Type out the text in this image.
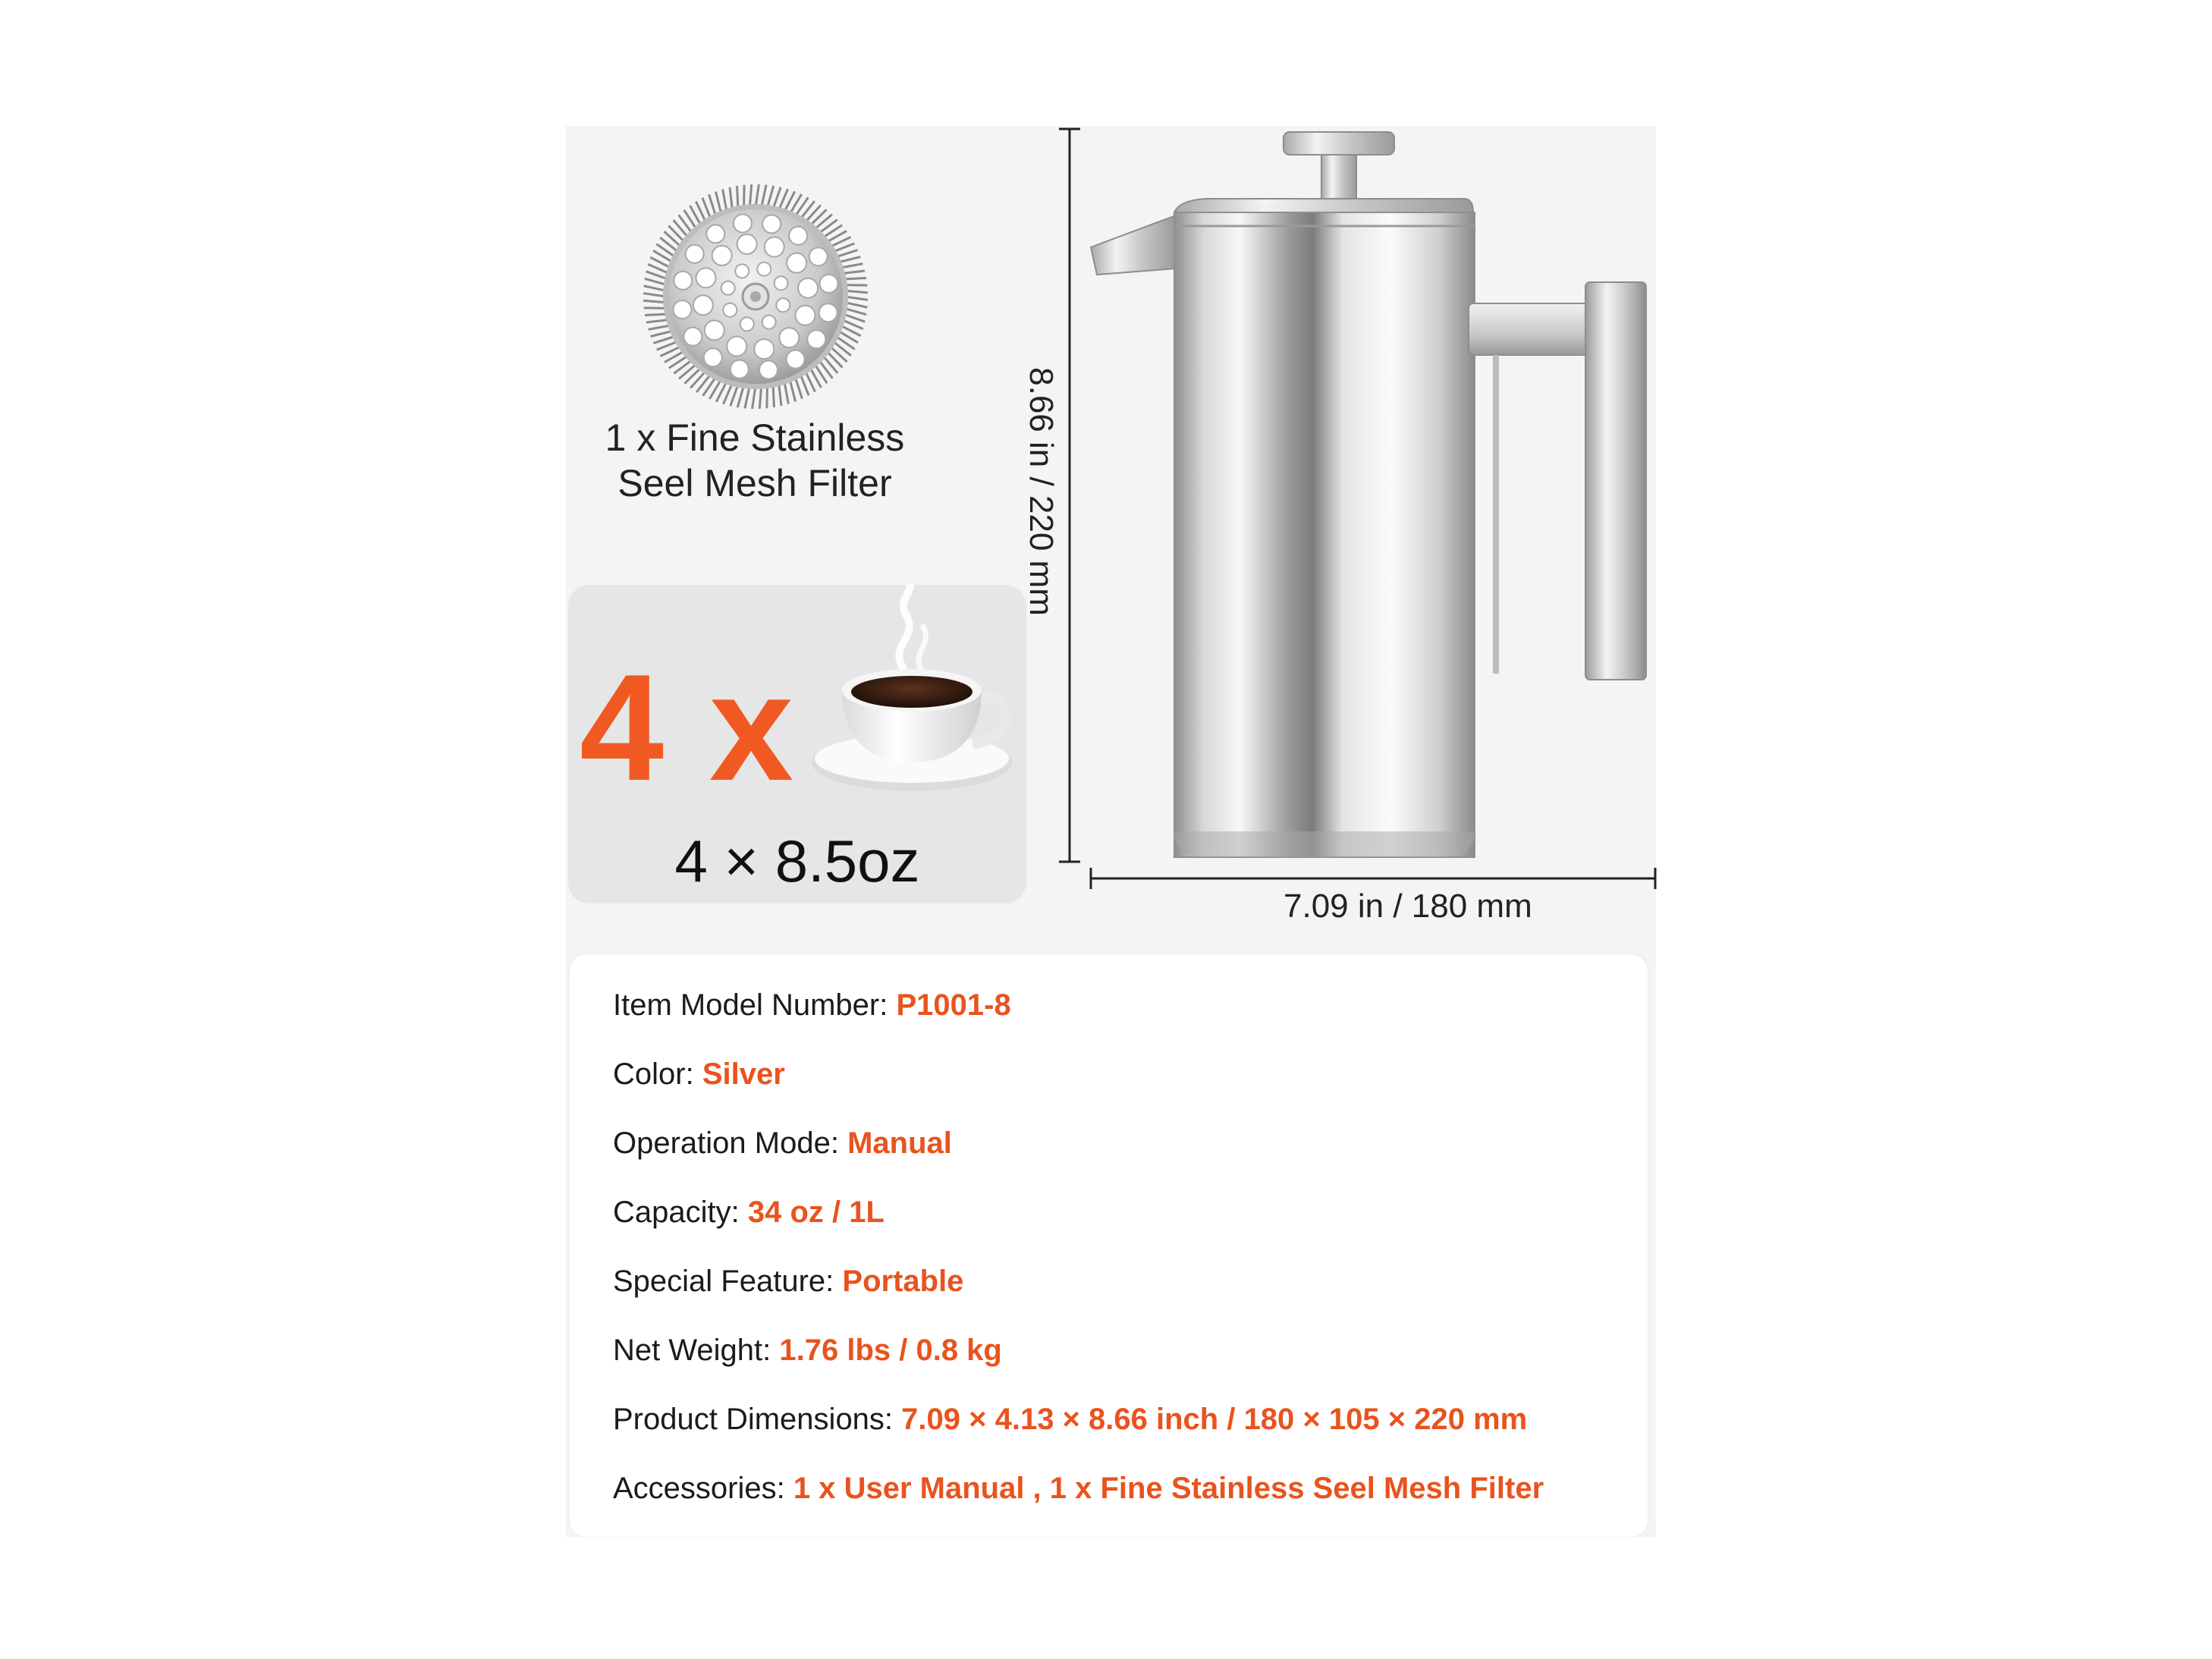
1 x Fine Stainless
Seel Mesh Filter
4 x
4 × 8.5oz
8.66 in / 220 mm
7.09 in / 180 mm
Item Model Number: P1001-8
Color: Silver
Operation Mode: Manual
Capacity: 34 oz / 1L
Special Feature: Portable
Net Weight: 1.76 lbs / 0.8 kg
Product Dimensions: 7.09 × 4.13 × 8.66 inch / 180 × 105 × 220 mm
Accessories: 1 x User Manual , 1 x Fine Stainless Seel Mesh Filter
